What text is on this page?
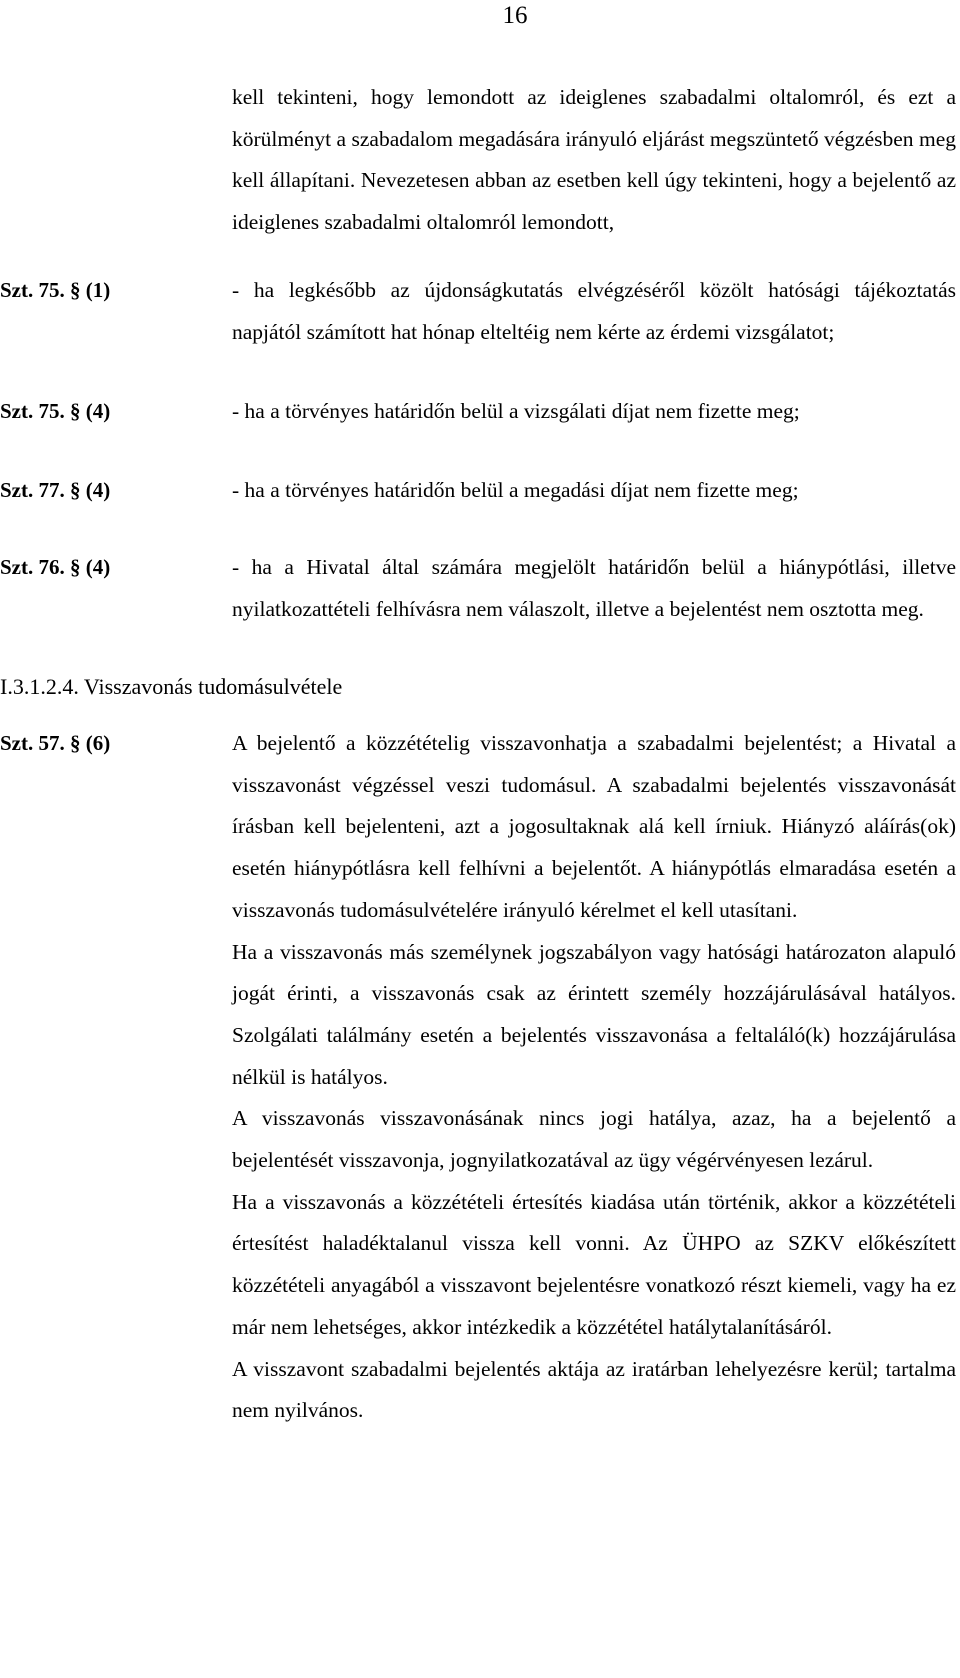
16

kell tekinteni, hogy lemondott az ideiglenes szabadalmi oltalomról, és ezt a körülményt a szabadalom megadására irányuló eljárást megszüntető végzésben meg kell állapítani. Nevezetesen abban az esetben kell úgy tekinteni, hogy a bejelentő az ideiglenes szabadalmi oltalomról lemondott,

Szt. 75. § (1)	- ha legkésőbb az újdonságkutatás elvégzéséről közölt hatósági tájékoztatás napjától számított hat hónap elteltéig nem kérte az érdemi vizsgálatot;

Szt. 75. § (4)	- ha a törvényes határidőn belül a vizsgálati díjat nem fizette meg;

Szt. 77. § (4)	- ha a törvényes határidőn belül a megadási díjat nem fizette meg;

Szt. 76. § (4)	- ha a Hivatal által számára megjelölt határidőn belül a hiánypótlási, illetve nyilatkozattételi felhívásra nem válaszolt, illetve a bejelentést nem osztotta meg.

I.3.1.2.4. Visszavonás tudomásulvétele
Szt. 57. § (6)	A bejelentő a közzétételig visszavonhatja a szabadalmi bejelentést; a Hivatal a visszavonást végzéssel veszi tudomásul. A szabadalmi bejelentés visszavonását írásban kell bejelenteni, azt a jogosultaknak alá kell írniuk. Hiányzó aláírás(ok) esetén hiánypótlásra kell felhívni a bejelentőt. A hiánypótlás elmaradása esetén a visszavonás tudomásulvételére irányuló kérelmet el kell utasítani.

Ha a visszavonás más személynek jogszabályon vagy hatósági határozaton alapuló jogát érinti, a visszavonás csak az érintett személy hozzájárulásával hatályos. Szolgálati találmány esetén a bejelentés visszavonása a feltaláló(k) hozzájárulása nélkül is hatályos.

A visszavonás visszavonásának nincs jogi hatálya, azaz, ha a bejelentő a bejelentését visszavonja, jognyilatkozatával az ügy végérvényesen lezárul.

Ha a visszavonás a közzétételi értesítés kiadása után történik, akkor a közzétételi értesítést haladéktalanul vissza kell vonni. Az ÜHPO az SZKV előkészített közzétételi anyagából a visszavont bejelentésre vonatkozó részt kiemeli, vagy ha ez már nem lehetséges, akkor intézkedik a közzététel hatálytalanításáról.

A visszavont szabadalmi bejelentés aktája az iratárban lehelyezésre kerül; tartalma nem nyilvános.
